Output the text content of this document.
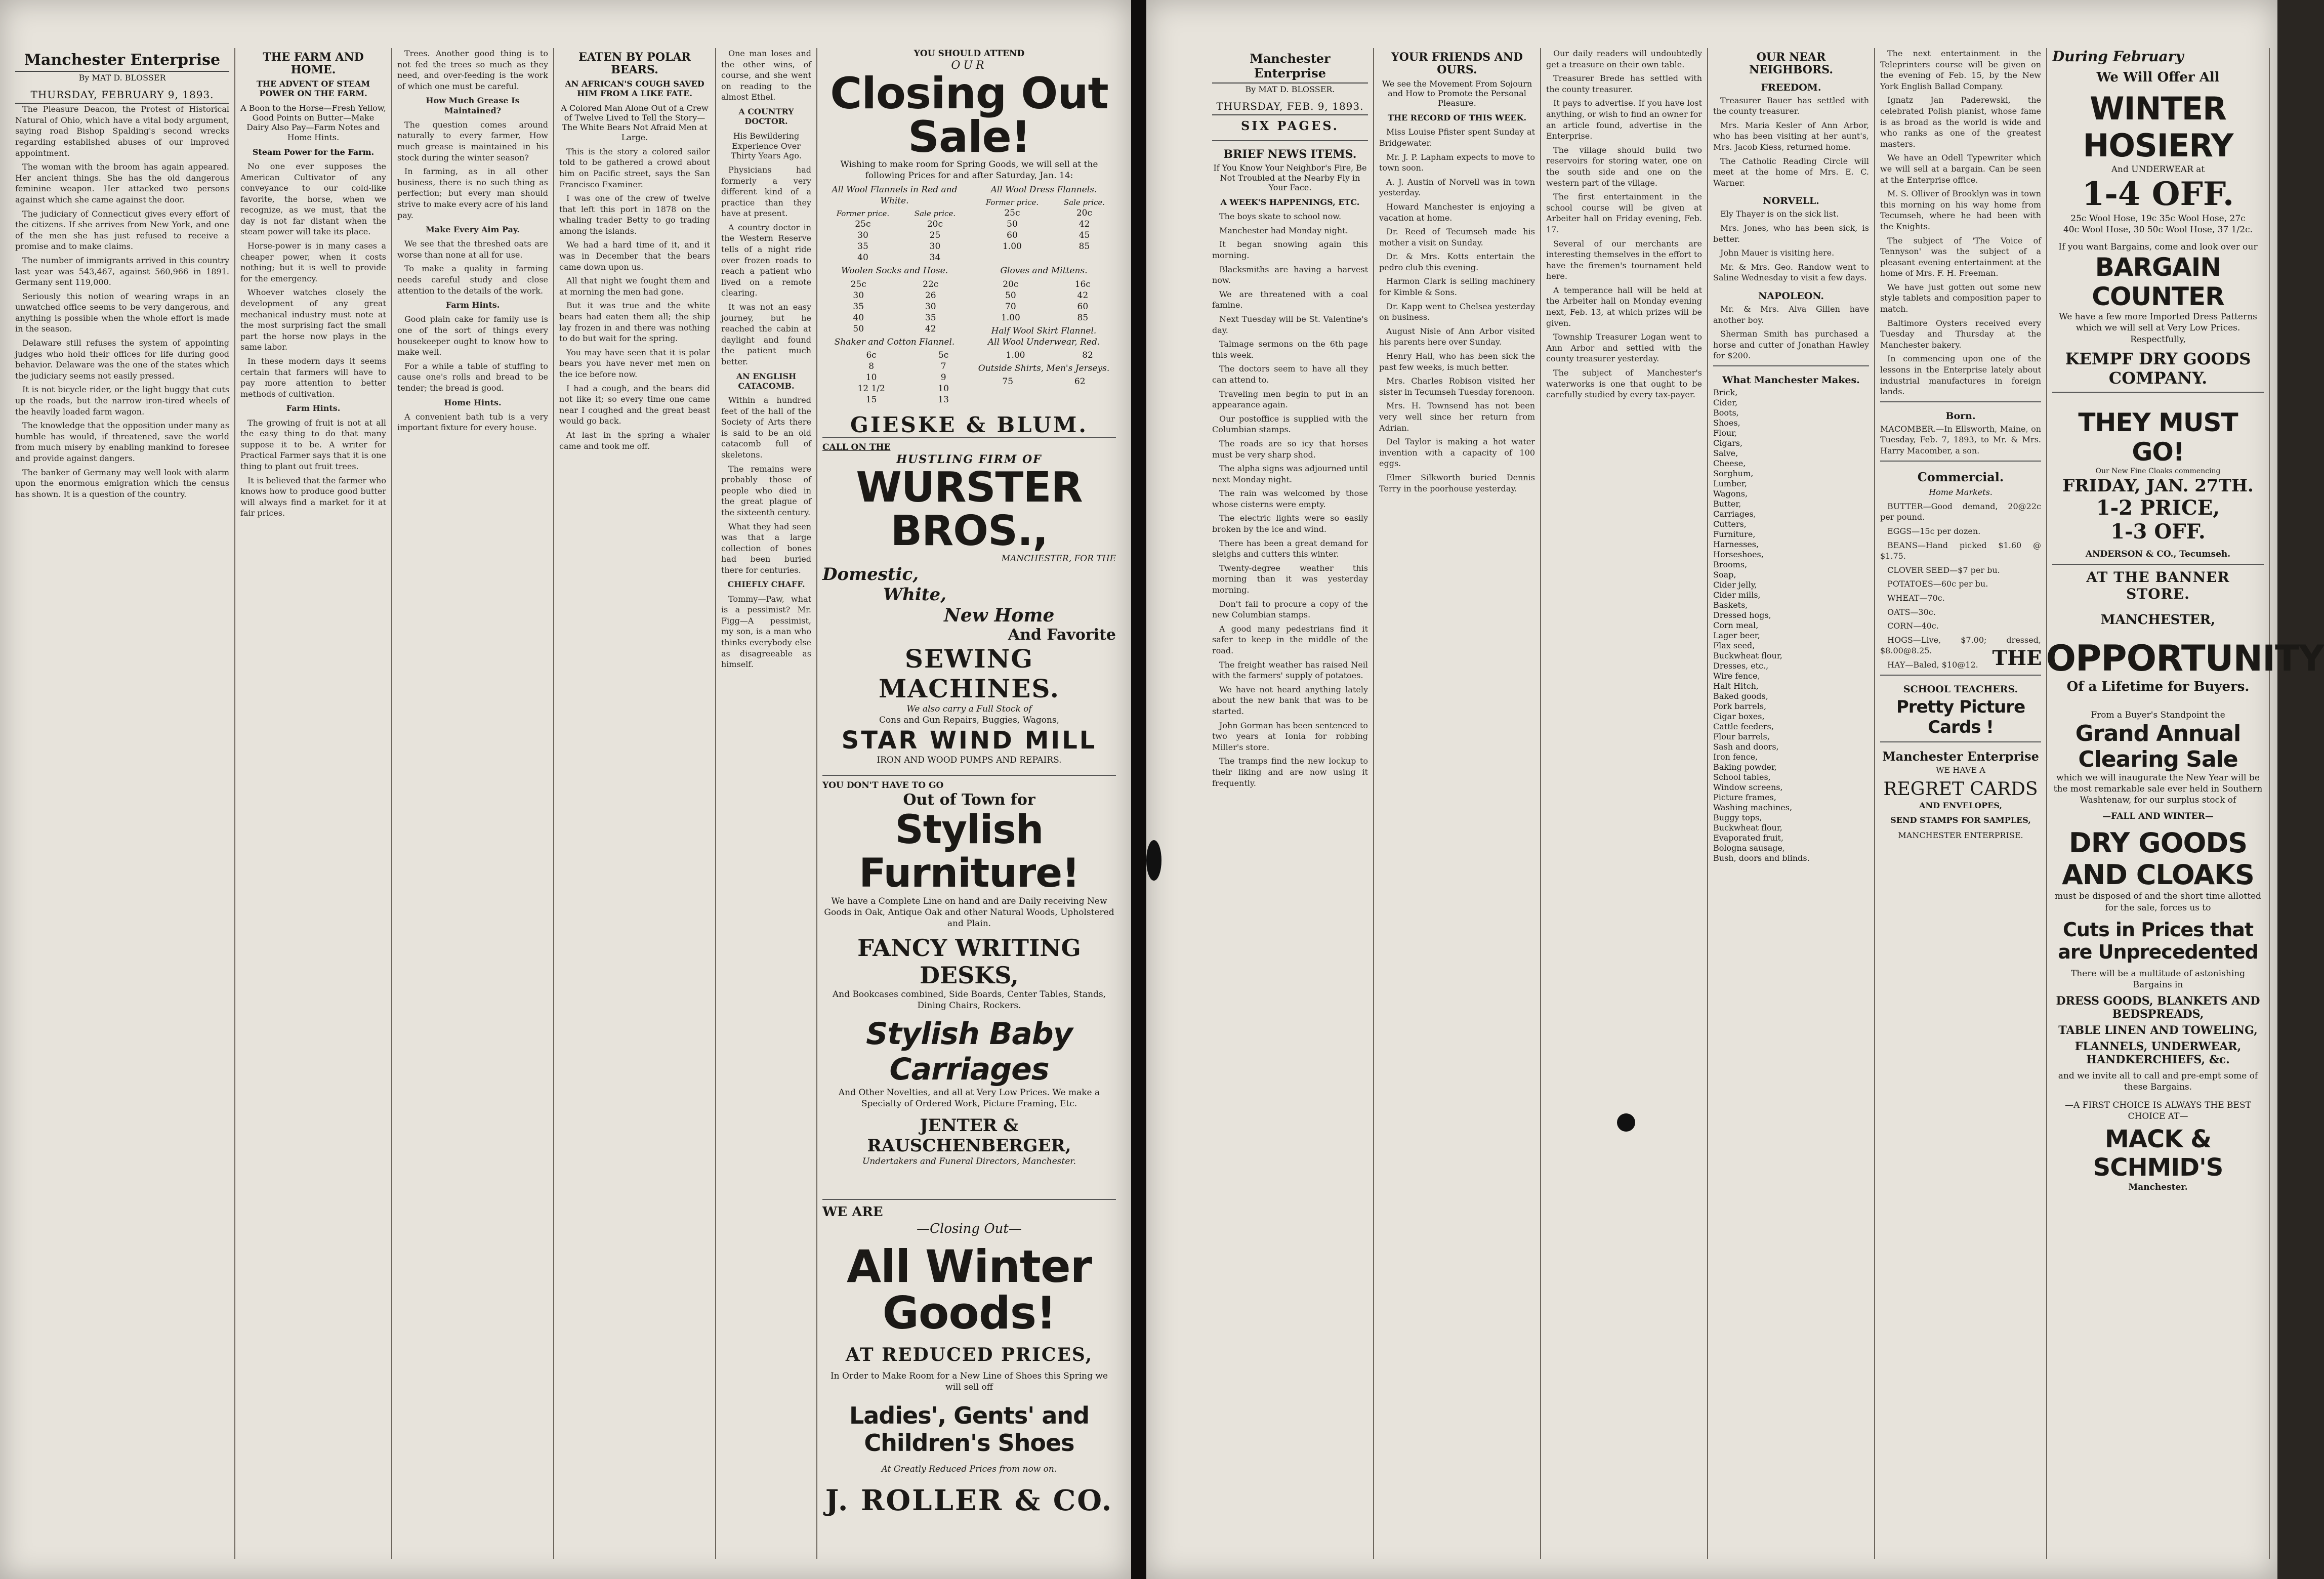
Manchester Enterprise
By MAT D. BLOSSER
THURSDAY, FEBRUARY 9, 1893.

The Pleasure Deacon, the Protest of Historical Natural of Ohio, which have a vital body argument, saying road Bishop Spalding's second wrecks regarding established abuses of our improved appointment.

The woman with the broom has again appeared. Her ancient things. She has the old dangerous feminine weapon. Her attacked two persons against which she came against the door.

The judiciary of Connecticut gives every effort of the citizens. If she arrives from New York, and one of the men she has just refused to receive a promise and to make claims.

The number of immigrants arrived in this country last year was 543,467, against 560,966 in 1891. Germany sent 119,000.

Seriously this notion of wearing wraps in an unwatched office seems to be very dangerous, and anything is possible when the whole effort is made in the season.

Delaware still refuses the system of appointing judges who hold their offices for life during good behavior. Delaware was the one of the states which the judiciary seems not easily pressed.

It is not bicycle rider, or the light buggy that cuts up the roads, but the narrow iron-tired wheels of the heavily loaded farm wagon.

The knowledge that the opposition under many as humble has would, if threatened, save the world from much misery by enabling mankind to foresee and provide against dangers.

The banker of Germany may well look with alarm upon the enormous emigration which the census has shown. It is a question of the country.

THE FARM AND HOME.
THE ADVENT OF STEAM POWER ON THE FARM.
A Boon to the Horse—Fresh Yellow, Good Points on Butter—Make Dairy Also Pay—Farm Notes and Home Hints.
Steam Power for the Farm.

No one ever supposes the American Cultivator of any conveyance to our cold-like favorite, the horse, when we recognize, as we must, that the day is not far distant when the steam power will take its place.

Horse-power is in many cases a cheaper power, when it costs nothing; but it is well to provide for the emergency.

Whoever watches closely the development of any great mechanical industry must note at the most surprising fact the small part the horse now plays in the same labor.

In these modern days it seems certain that farmers will have to pay more attention to better methods of cultivation.

Farm Hints.

The growing of fruit is not at all the easy thing to do that many suppose it to be. A writer for Practical Farmer says that it is one thing to plant out fruit trees.

It is believed that the farmer who knows how to produce good butter will always find a market for it at fair prices.

Trees. Another good thing is to not fed the trees so much as they need, and over-feeding is the work of which one must be careful.

How Much Grease Is Maintained?

The question comes around naturally to every farmer, How much grease is maintained in his stock during the winter season?

In farming, as in all other business, there is no such thing as perfection; but every man should strive to make every acre of his land pay.

Make Every Aim Pay.

We see that the threshed oats are worse than none at all for use.

To make a quality in farming needs careful study and close attention to the details of the work.

Farm Hints.

Good plain cake for family use is one of the sort of things every housekeeper ought to know how to make well.

For a while a table of stuffing to cause one's rolls and bread to be tender; the bread is good.

Home Hints.

A convenient bath tub is a very important fixture for every house.

EATEN BY POLAR BEARS.
AN AFRICAN'S COUGH SAVED HIM FROM A LIKE FATE.
A Colored Man Alone Out of a Crew of Twelve Lived to Tell the Story—The White Bears Not Afraid Men at Large.

This is the story a colored sailor told to be gathered a crowd about him on Pacific street, says the San Francisco Examiner.

I was one of the crew of twelve that left this port in 1878 on the whaling trader Betty to go trading among the islands.

We had a hard time of it, and it was in December that the bears came down upon us.

All that night we fought them and at morning the men had gone.

But it was true and the white bears had eaten them all; the ship lay frozen in and there was nothing to do but wait for the spring.

You may have seen that it is polar bears you have never met men on the ice before now.

I had a cough, and the bears did not like it; so every time one came near I coughed and the great beast would go back.

At last in the spring a whaler came and took me off.

One man loses and the other wins, of course, and she went on reading to the almost Ethel.

A COUNTRY DOCTOR.
His Bewildering Experience Over Thirty Years Ago.

Physicians had formerly a very different kind of a practice than they have at present.

A country doctor in the Western Reserve tells of a night ride over frozen roads to reach a patient who lived on a remote clearing.

It was not an easy journey, but he reached the cabin at daylight and found the patient much better.

AN ENGLISH CATACOMB.

Within a hundred feet of the hall of the Society of Arts there is said to be an old catacomb full of skeletons.

The remains were probably those of people who died in the great plague of the sixteenth century.

What they had seen was that a large collection of bones had been buried there for centuries.

CHIEFLY CHAFF.

Tommy—Paw, what is a pessimist? Mr. Figg—A pessimist, my son, is a man who thinks everybody else as disagreeable as himself.

YOU SHOULD ATTEND
OUR
Closing Out Sale!
Wishing to make room for Spring Goods, we will sell at the following Prices for and after Saturday, Jan. 14:
All Wool Flannels in Red and White.
Former price.	Sale price.
25c	20c
30	25
35	30
40	34
All Wool Dress Flannels.
Former price.	Sale price.
25c	20c
50	42
60	45
1.00	85
Woolen Socks and Hose.
25c	22c
30	26
35	30
40	35
50	42
Gloves and Mittens.
20c	16c
50	42
70	60
1.00	85
Half Wool Skirt Flannel.
Shaker and Cotton Flannel.
6c	5c
8	7
10	9
12 1/2	10
15	13
All Wool Underwear, Red.
1.00	82
Outside Shirts, Men's Jerseys.
75	62
GIESKE & BLUM.
CALL ON THE
HUSTLING FIRM OF
WURSTER BROS.,
MANCHESTER, FOR THE
Domestic,
White,
New Home
And Favorite
SEWING MACHINES.
We also carry a Full Stock of
Cons and Gun Repairs, Buggies, Wagons,
STAR WIND MILL
IRON AND WOOD PUMPS AND REPAIRS.
YOU DON'T HAVE TO GO
Out of Town for
Stylish Furniture!
We have a Complete Line on hand and are Daily receiving New Goods in Oak, Antique Oak and other Natural Woods, Upholstered and Plain.
FANCY WRITING DESKS,
And Bookcases combined, Side Boards, Center Tables, Stands, Dining Chairs, Rockers.
Stylish Baby Carriages
And Other Novelties, and all at Very Low Prices. We make a Specialty of Ordered Work, Picture Framing, Etc.
JENTER & RAUSCHENBERGER,
Undertakers and Funeral Directors, Manchester.
WE ARE
—Closing Out—
All Winter Goods!
AT REDUCED PRICES,
In Order to Make Room for a New Line of Shoes this Spring we will sell off
Ladies', Gents' and Children's Shoes
At Greatly Reduced Prices from now on.
J. ROLLER & CO.
Manchester Enterprise
By MAT D. BLOSSER.
THURSDAY, FEB. 9, 1893.
SIX PAGES.
BRIEF NEWS ITEMS.
If You Know Your Neighbor's Fire, Be Not Troubled at the Nearby Fly in Your Face.
A WEEK'S HAPPENINGS, ETC.

The boys skate to school now.

Manchester had Monday night.

It began snowing again this morning.

Blacksmiths are having a harvest now.

We are threatened with a coal famine.

Next Tuesday will be St. Valentine's day.

Talmage sermons on the 6th page this week.

The doctors seem to have all they can attend to.

Traveling men begin to put in an appearance again.

Our postoffice is supplied with the Columbian stamps.

The roads are so icy that horses must be very sharp shod.

The alpha signs was adjourned until next Monday night.

The rain was welcomed by those whose cisterns were empty.

The electric lights were so easily broken by the ice and wind.

There has been a great demand for sleighs and cutters this winter.

Twenty-degree weather this morning than it was yesterday morning.

Don't fail to procure a copy of the new Columbian stamps.

A good many pedestrians find it safer to keep in the middle of the road.

The freight weather has raised Neil with the farmers' supply of potatoes.

We have not heard anything lately about the new bank that was to be started.

John Gorman has been sentenced to two years at Ionia for robbing Miller's store.

The tramps find the new lockup to their liking and are now using it frequently.

YOUR FRIENDS AND OURS.
We see the Movement From Sojourn and How to Promote the Personal Pleasure.
THE RECORD OF THIS WEEK.

Miss Louise Pfister spent Sunday at Bridgewater.

Mr. J. P. Lapham expects to move to town soon.

A. J. Austin of Norvell was in town yesterday.

Howard Manchester is enjoying a vacation at home.

Dr. Reed of Tecumseh made his mother a visit on Sunday.

Dr. & Mrs. Kotts entertain the pedro club this evening.

Harmon Clark is selling machinery for Kimble & Sons.

Dr. Kapp went to Chelsea yesterday on business.

August Nisle of Ann Arbor visited his parents here over Sunday.

Henry Hall, who has been sick the past few weeks, is much better.

Mrs. Charles Robison visited her sister in Tecumseh Tuesday forenoon.

Mrs. H. Townsend has not been very well since her return from Adrian.

Del Taylor is making a hot water invention with a capacity of 100 eggs.

Elmer Silkworth buried Dennis Terry in the poorhouse yesterday.

Our daily readers will undoubtedly get a treasure on their own table.

Treasurer Brede has settled with the county treasurer.

It pays to advertise. If you have lost anything, or wish to find an owner for an article found, advertise in the Enterprise.

The village should build two reservoirs for storing water, one on the south side and one on the western part of the village.

The first entertainment in the school course will be given at Arbeiter hall on Friday evening, Feb. 17.

Several of our merchants are interesting themselves in the effort to have the firemen's tournament held here.

A temperance hall will be held at the Arbeiter hall on Monday evening next, Feb. 13, at which prizes will be given.

Township Treasurer Logan went to Ann Arbor and settled with the county treasurer yesterday.

The subject of Manchester's waterworks is one that ought to be carefully studied by every tax-payer.

OUR NEAR NEIGHBORS.
FREEDOM.

Treasurer Bauer has settled with the county treasurer.

Mrs. Maria Kesler of Ann Arbor, who has been visiting at her aunt's, Mrs. Jacob Kiess, returned home.

The Catholic Reading Circle will meet at the home of Mrs. E. C. Warner.

NORVELL.

Ely Thayer is on the sick list.

Mrs. Jones, who has been sick, is better.

John Mauer is visiting here.

Mr. & Mrs. Geo. Randow went to Saline Wednesday to visit a few days.

NAPOLEON.

Mr. & Mrs. Alva Gillen have another boy.

Sherman Smith has purchased a horse and cutter of Jonathan Hawley for $200.

What Manchester Makes.
Brick,
Cider,
Boots,
Shoes,
Flour,
Cigars,
Salve,
Cheese,
Sorghum,
Lumber,
Wagons,
Butter,
Carriages,
Cutters,
Furniture,
Harnesses,
Horseshoes,
Brooms,
Soap,
Cider jelly,
Cider mills,
Baskets,
Dressed hogs,
Corn meal,
Lager beer,
Flax seed,
Buckwheat flour,
Dresses, etc.,
Wire fence,
Halt Hitch,
Baked goods,
Pork barrels,
Cigar boxes,
Cattle feeders,
Flour barrels,
Sash and doors,
Iron fence,
Baking powder,
School tables,
Window screens,
Picture frames,
Washing machines,
Buggy tops,
Buckwheat flour,
Evaporated fruit,
Bologna sausage,
Bush, doors and blinds.

The next entertainment in the Teleprinters course will be given on the evening of Feb. 15, by the New York English Ballad Company.

Ignatz Jan Paderewski, the celebrated Polish pianist, whose fame is as broad as the world is wide and who ranks as one of the greatest masters.

We have an Odell Typewriter which we will sell at a bargain. Can be seen at the Enterprise office.

M. S. Olliver of Brooklyn was in town this morning on his way home from Tecumseh, where he had been with the Knights.

The subject of 'The Voice of Tennyson' was the subject of a pleasant evening entertainment at the home of Mrs. F. H. Freeman.

We have just gotten out some new style tablets and composition paper to match.

Baltimore Oysters received every Tuesday and Thursday at the Manchester bakery.

In commencing upon one of the lessons in the Enterprise lately about industrial manufactures in foreign lands.

Born.
MACOMBER.—In Ellsworth, Maine, on Tuesday, Feb. 7, 1893, to Mr. & Mrs. Harry Macomber, a son.
Commercial.
Home Markets.

BUTTER—Good demand, 20@22c per pound.

EGGS—15c per dozen.

BEANS—Hand picked $1.60 @ $1.75.

CLOVER SEED—$7 per bu.

POTATOES—60c per bu.

WHEAT—70c.

OATS—30c.

CORN—40c.

HOGS—Live, $7.00; dressed, $8.00@8.25.

HAY—Baled, $10@12.

SCHOOL TEACHERS.
Pretty Picture Cards !
Manchester Enterprise
WE HAVE A
REGRET CARDS
AND ENVELOPES,
SEND STAMPS FOR SAMPLES,
MANCHESTER ENTERPRISE.
During February
We Will Offer All
WINTER HOSIERY
And UNDERWEAR at
1-4 OFF.
25c Wool Hose, 19c 35c Wool Hose, 27c
40c Wool Hose, 30 50c Wool Hose, 37 1/2c.
If you want Bargains, come and look over our
BARGAIN COUNTER
We have a few more Imported Dress Patterns which we will sell at Very Low Prices. Respectfully,
KEMPF DRY GOODS COMPANY.
THEY MUST GO!
Our New Fine Cloaks commencing
FRIDAY, JAN. 27TH.
1-2 PRICE,
1-3 OFF.
ANDERSON & CO., Tecumseh.
AT THE BANNER STORE.
MANCHESTER,
THE OPPORTUNITY
Of a Lifetime for Buyers.
From a Buyer's Standpoint the
Grand Annual Clearing Sale
which we will inaugurate the New Year will be the most remarkable sale ever held in Southern Washtenaw, for our surplus stock of
—FALL AND WINTER—
DRY GOODS AND CLOAKS
must be disposed of and the short time allotted for the sale, forces us to
Cuts in Prices that are Unprecedented
There will be a multitude of astonishing Bargains in
DRESS GOODS, BLANKETS AND BEDSPREADS,
TABLE LINEN AND TOWELING,
FLANNELS, UNDERWEAR, HANDKERCHIEFS, &c.
and we invite all to call and pre-empt some of these Bargains.
—A FIRST CHOICE IS ALWAYS THE BEST CHOICE AT—
MACK & SCHMID'S
Manchester.
